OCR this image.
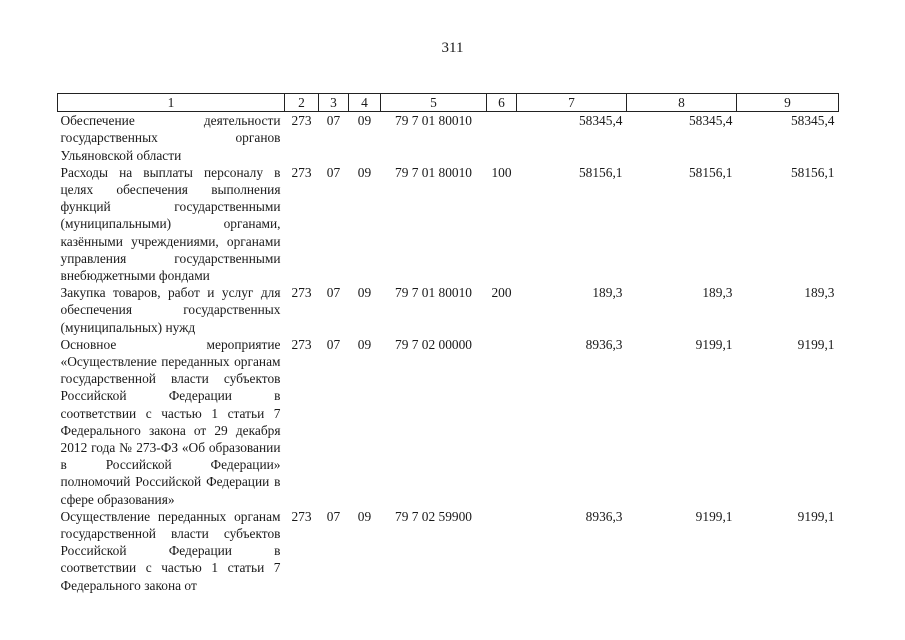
311
1	2	3	4	5	6	7	8	9
Обеспечение деятельности государственных органов Ульяновской области	273	07	09	79 7 01 80010		58345,4	58345,4	58345,4
Расходы на выплаты персоналу в целях обеспечения выполнения функций государственными (муниципальными) органами, казёнными учреждениями, органами управления государственными внебюджетными фондами	273	07	09	79 7 01 80010	100	58156,1	58156,1	58156,1
Закупка товаров, работ и услуг для обеспечения государственных (муниципальных) нужд	273	07	09	79 7 01 80010	200	189,3	189,3	189,3
Основное мероприятие «Осуществление переданных органам государственной власти субъектов Российской Федерации в соответствии с частью 1 статьи 7 Федерального закона от 29 декабря 2012 года № 273-ФЗ «Об образовании в Российской Федерации» полномочий Российской Федерации в сфере образования»	273	07	09	79 7 02 00000		8936,3	9199,1	9199,1
Осуществление переданных органам государственной власти субъектов Российской Федерации в соответствии с частью 1 статьи 7 Федерального закона от	273	07	09	79 7 02 59900		8936,3	9199,1	9199,1
